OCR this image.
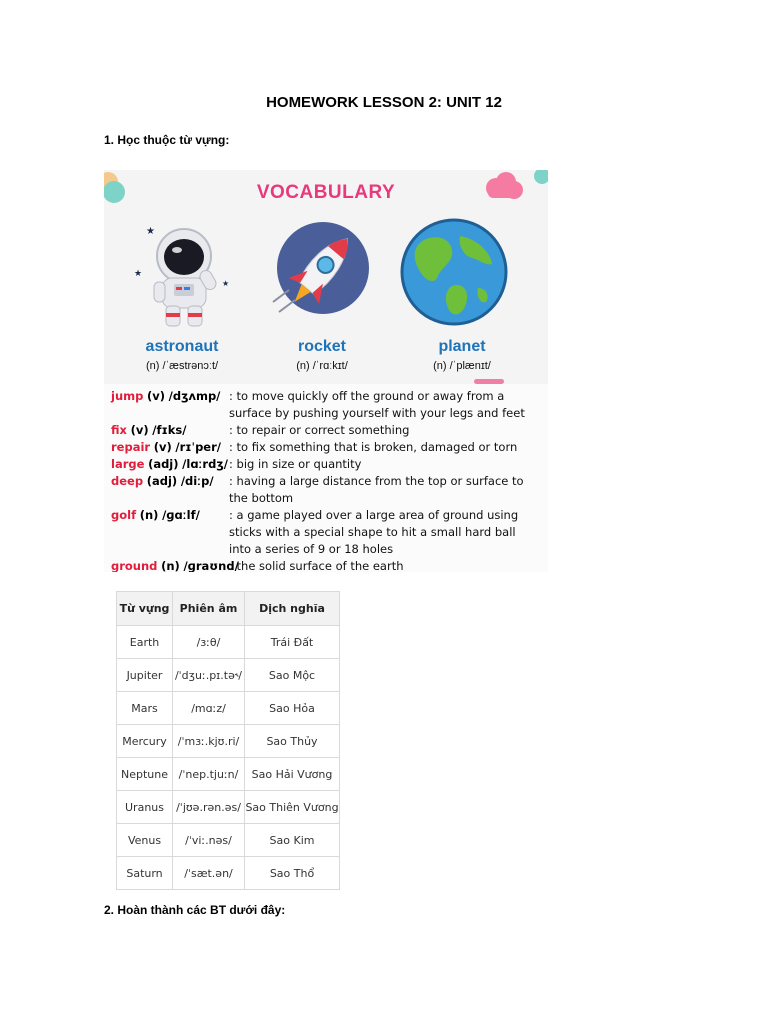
HOMEWORK LESSON 2: UNIT 12
1. Học thuộc từ vựng:
VOCABULARY
★
★
★
astronaut
(n) /ˈæstrənɔːt/
rocket
(n) /ˈrɑːkɪt/
planet
(n) /ˈplænɪt/
jump (v) /dʒʌmp/ : to move quickly off the ground or away from a
surface by pushing yourself with your legs and feet
fix (v) /fɪks/	: to repair or correct something
repair (v) /rɪˈper/ : to fix something that is broken, damaged or torn
large (adj) /lɑːrdʒ/ : big in size or quantity
deep (adj) /diːp/	: having a large distance from the top or surface to
the bottom
golf (n) /ɡɑːlf/	: a game played over a large area of ground using
sticks with a special shape to hit a small hard ball
into a series of 9 or 18 holes
ground (n) /ɡraʊnd/
: the solid surface of the earth
Từ vựng	Phiên âm	Dịch nghĩa
Earth	/ɜːθ/	Trái Đất
Jupiter	/ˈdʒuː.pɪ.tə˞/	Sao Mộc
Mars	/mɑːz/	Sao Hỏa
Mercury	/ˈmɜː.kjʊ.ri/	Sao Thủy
Neptune	/ˈnep.tjuːn/	Sao Hải Vương
Uranus	/ˈjʊə.rən.əs/	Sao Thiên Vương
Venus	/ˈviː.nəs/	Sao Kim
Saturn	/ˈsæt.ən/	Sao Thổ
2. Hoàn thành các BT dưới đây:
